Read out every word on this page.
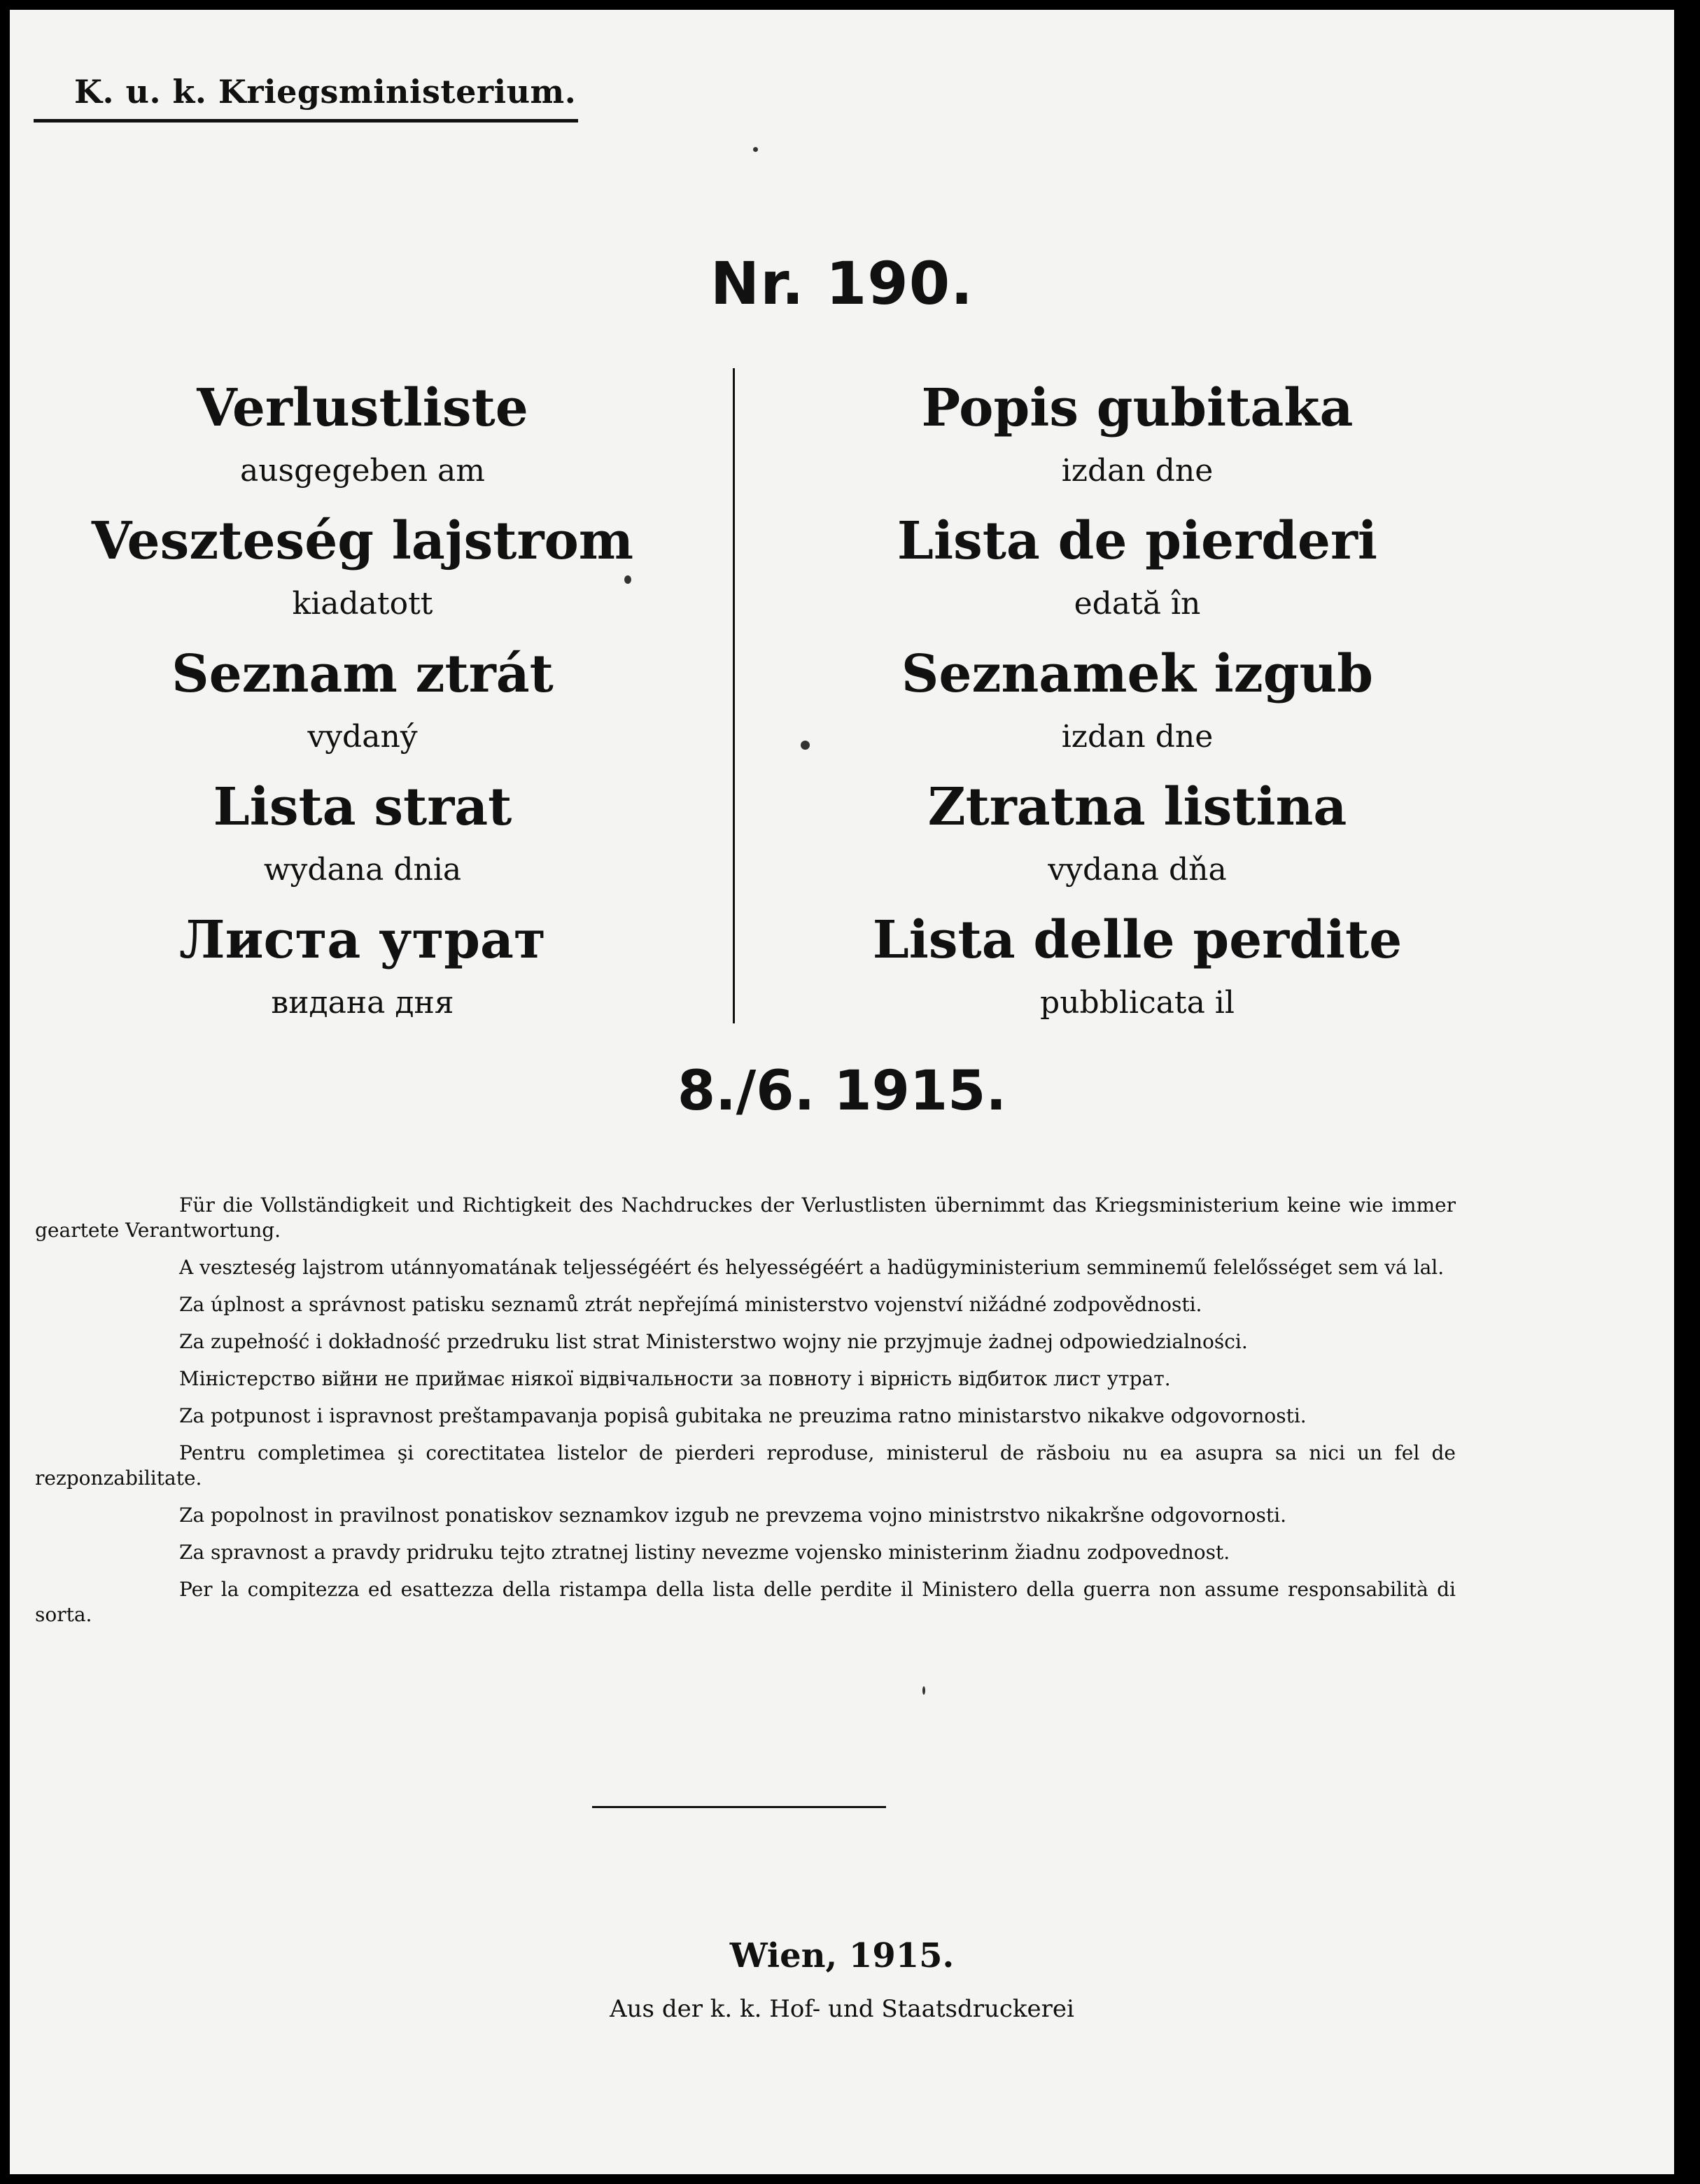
K. u. k. Kriegsministerium.
Nr. 190.
Verlustliste
ausgegeben am
Veszteség lajstrom
kiadatott
Seznam ztrát
vydaný
Lista strat
wydana dnia
Листа утрат
видана дня
Popis gubitaka
izdan dne
Lista de pierderi
edată în
Seznamek izgub
izdan dne
Ztratna listina
vydana dňa
Lista delle perdite
pubblicata il
8./6. 1915.

Für die Vollständigkeit und Richtigkeit des Nachdruckes der Verlustlisten übernimmt das Kriegsministerium keine wie immer geartete Verantwortung.

A veszteség lajstrom utánnyomatának teljességéért és helyességéért a hadügyministerium semminemű felelősséget sem vá lal.

Za úplnost a správnost patisku seznamů ztrát nepřejímá ministerstvo vojenství nižádné zodpovědnosti.

Za zupełność i dokładność przedruku list strat Ministerstwo wojny nie przyjmuje żadnej odpowiedzialności.

Міністерство війни не приймає ніякої відвічальности за повноту і вірність відбиток лист утрат.

Za potpunost i ispravnost preštampavanja popisâ gubitaka ne preuzima ratno ministarstvo nikakve odgovornosti.

Pentru completimea şi corectitatea listelor de pierderi reproduse, ministerul de răsboiu nu ea asupra sa nici un fel de rezponzabilitate.

Za popolnost in pravilnost ponatiskov seznamkov izgub ne prevzema vojno ministrstvo nikakršne odgovornosti.

Za spravnost a pravdy pridruku tejto ztratnej listiny nevezme vojensko ministerinm žiadnu zodpovednost.

Per la compitezza ed esattezza della ristampa della lista delle perdite il Ministero della guerra non assume responsabilità di sorta.

Wien, 1915.
Aus der k. k. Hof- und Staatsdruckerei
